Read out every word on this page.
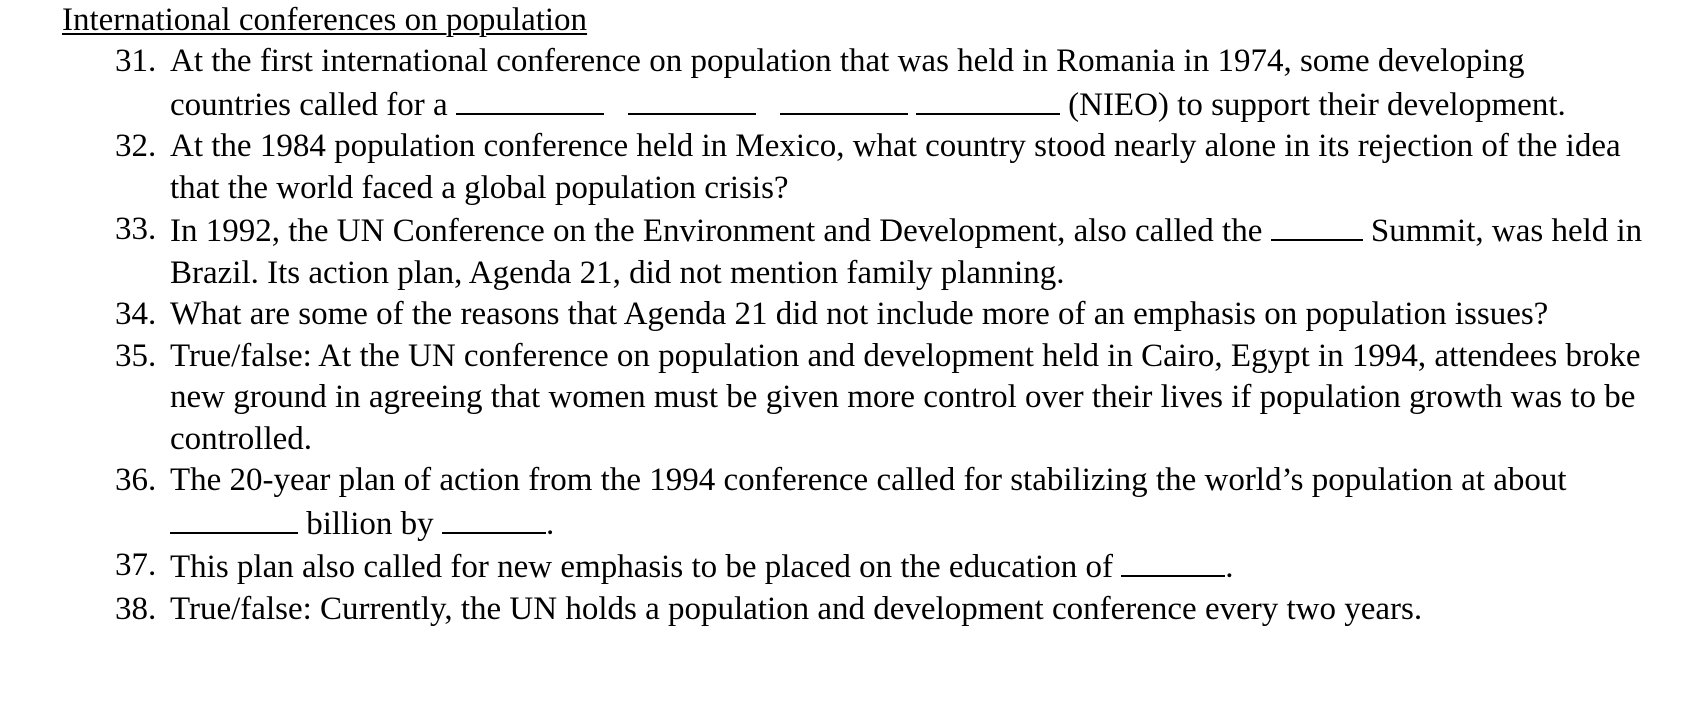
International conferences on population
31. At the first international conference on population that was held in Romania in 1974, some developing countries called for a	(NIEO) to support their development.
32. At the 1984 population conference held in Mexico, what country stood nearly alone in its rejection of the idea that the world faced a global population crisis?
33. In 1992, the UN Conference on the Environment and Development, also called the	Summit, was held in Brazil. Its action plan, Agenda 21, did not mention family planning.
34. What are some of the reasons that Agenda 21 did not include more of an emphasis on population issues?
35. True/false: At the UN conference on population and development held in Cairo, Egypt in 1994, attendees broke new ground in agreeing that women must be given more control over their lives if population growth was to be controlled.
36. The 20-year plan of action from the 1994 conference called for stabilizing the world’s population at about  billion by	.
37. This plan also called for new emphasis to be placed on the education of	.
38. True/false: Currently, the UN holds a population and development conference every two years.
